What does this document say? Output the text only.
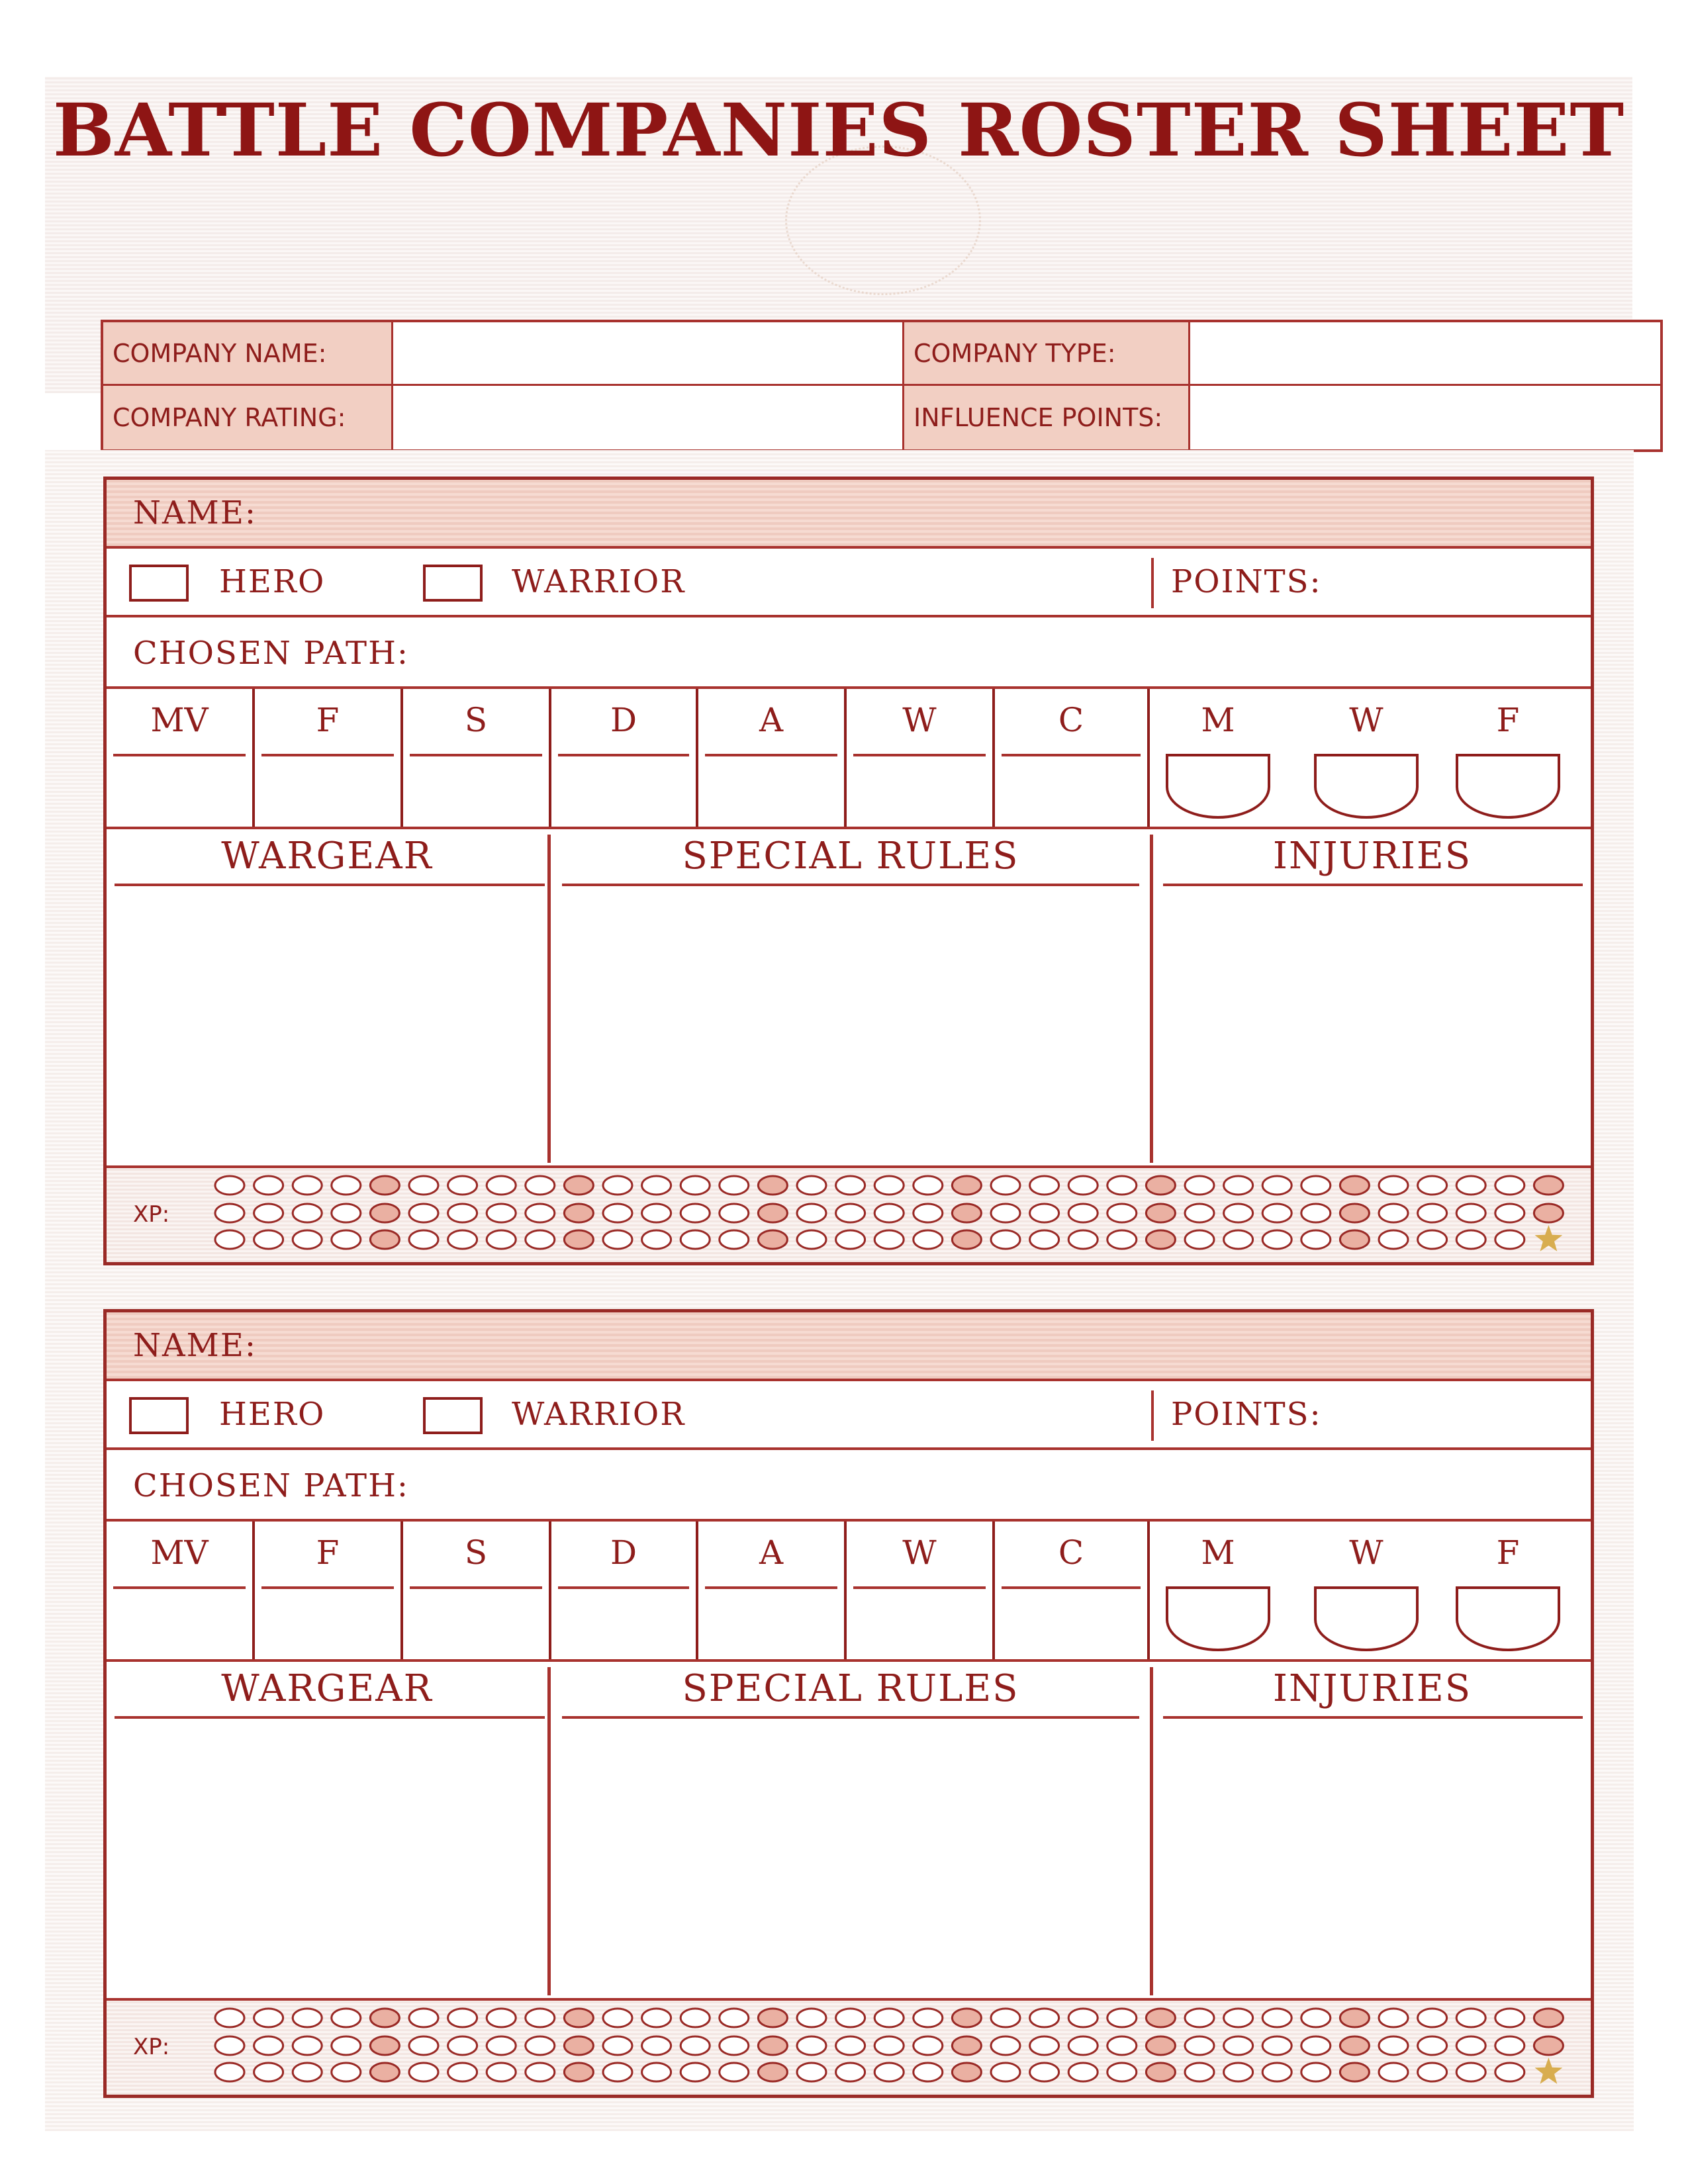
BATTLE COMPANIES ROSTER SHEET
COMPANY NAME:	COMPANY TYPE:
COMPANY RATING:	INFLUENCE POINTS:
NAME:
HERO	WARRIOR	POINTS:
CHOSEN PATH:
MV	F	S	D	A	W	C	M	W	F
WARGEAR	SPECIAL RULES	INJURIES
XP:
NAME:
HERO	WARRIOR	POINTS:
CHOSEN PATH:
MV	F	S	D	A	W	C	M	W	F
WARGEAR	SPECIAL RULES	INJURIES
XP:
